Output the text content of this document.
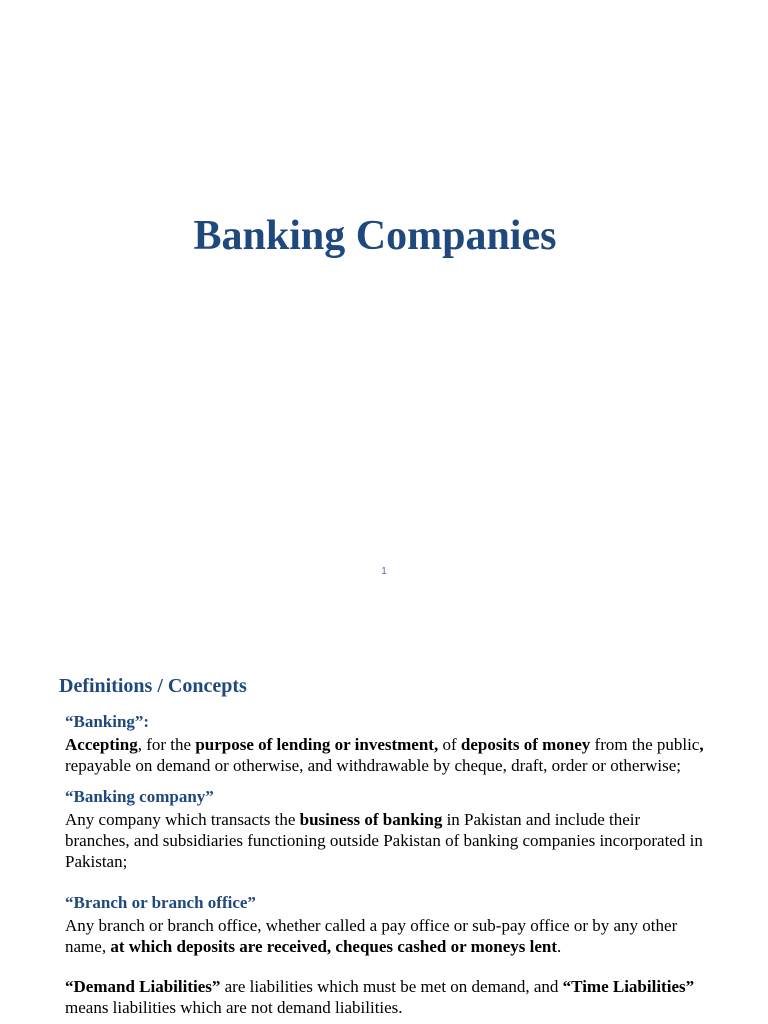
Banking Companies
1
Definitions / Concepts

“Banking”:

Accepting, for the purpose of lending or investment, of deposits of money from the public, repayable on demand or otherwise, and withdrawable by cheque, draft, order or otherwise;

“Banking company”

Any company which transacts the business of banking in Pakistan and include their branches, and subsidiaries functioning outside Pakistan of banking companies incorporated in Pakistan;

“Branch or branch office”

Any branch or branch office, whether called a pay office or sub-pay office or by any other name, at which deposits are received, cheques cashed or moneys lent.

“Demand Liabilities” are liabilities which must be met on demand, and “Time Liabilities” means liabilities which are not demand liabilities.
